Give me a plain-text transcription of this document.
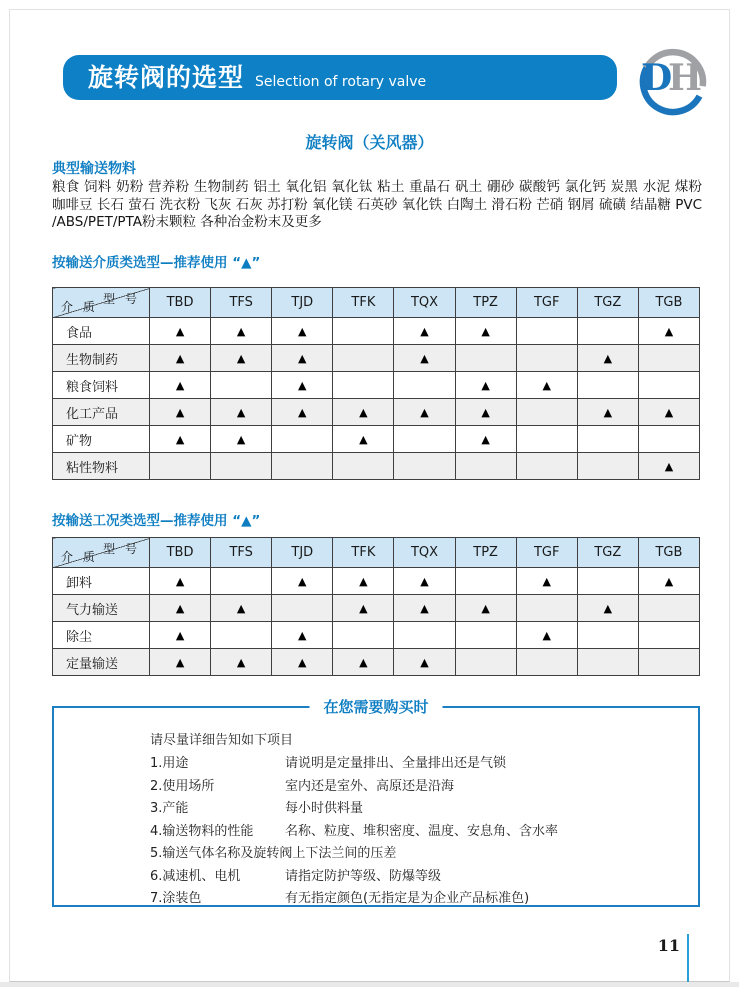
旋转阀的选型 Selection of rotary valve	D
H
旋转阀（关风器）
典型输送物料
粮食 饲料 奶粉 营养粉 生物制药 铝土 氧化铝 氧化钛 粘土 重晶石 矾土 硼砂 碳酸钙 氯化钙 炭黑 水泥 煤粉 咖啡豆 长石 萤石 洗衣粉 飞灰 石灰 苏打粉 氧化镁 石英砂 氧化铁 白陶土 滑石粉 芒硝 钢屑 硫磺 结晶糖 PVC /ABS/PET/PTA粉末颗粒 各种冶金粉末及更多
按输送介质类选型—推荐使用 “▲”
型 号
介 质	TBD	TFS	TJD	TFK	TQX	TPZ	TGF	TGZ	TGB
食品	▲	▲	▲		▲	▲			▲
生物制药	▲	▲	▲		▲			▲	
粮食饲料	▲		▲			▲	▲		
化工产品	▲	▲	▲	▲	▲	▲		▲	▲
矿物	▲	▲		▲		▲			
粘性物料									▲
按输送工况类选型—推荐使用 “▲”
型 号
介 质	TBD	TFS	TJD	TFK	TQX	TPZ	TGF	TGZ	TGB
卸料	▲		▲	▲	▲		▲		▲
气力输送	▲	▲		▲	▲	▲		▲	
除尘	▲		▲				▲		
定量输送	▲	▲	▲	▲	▲				
在您需要购买时
请尽量详细告知如下项目
1.用途	请说明是定量排出、全量排出还是气锁
2.使用场所	室内还是室外、高原还是沿海
3.产能	每小时供料量
4.输送物料的性能	名称、粒度、堆积密度、温度、安息角、含水率
5.输送气体名称及旋转阀上下法兰间的压差
6.减速机、电机	请指定防护等级、防爆等级
7.涂装色	有无指定颜色(无指定是为企业产品标准色)
11
